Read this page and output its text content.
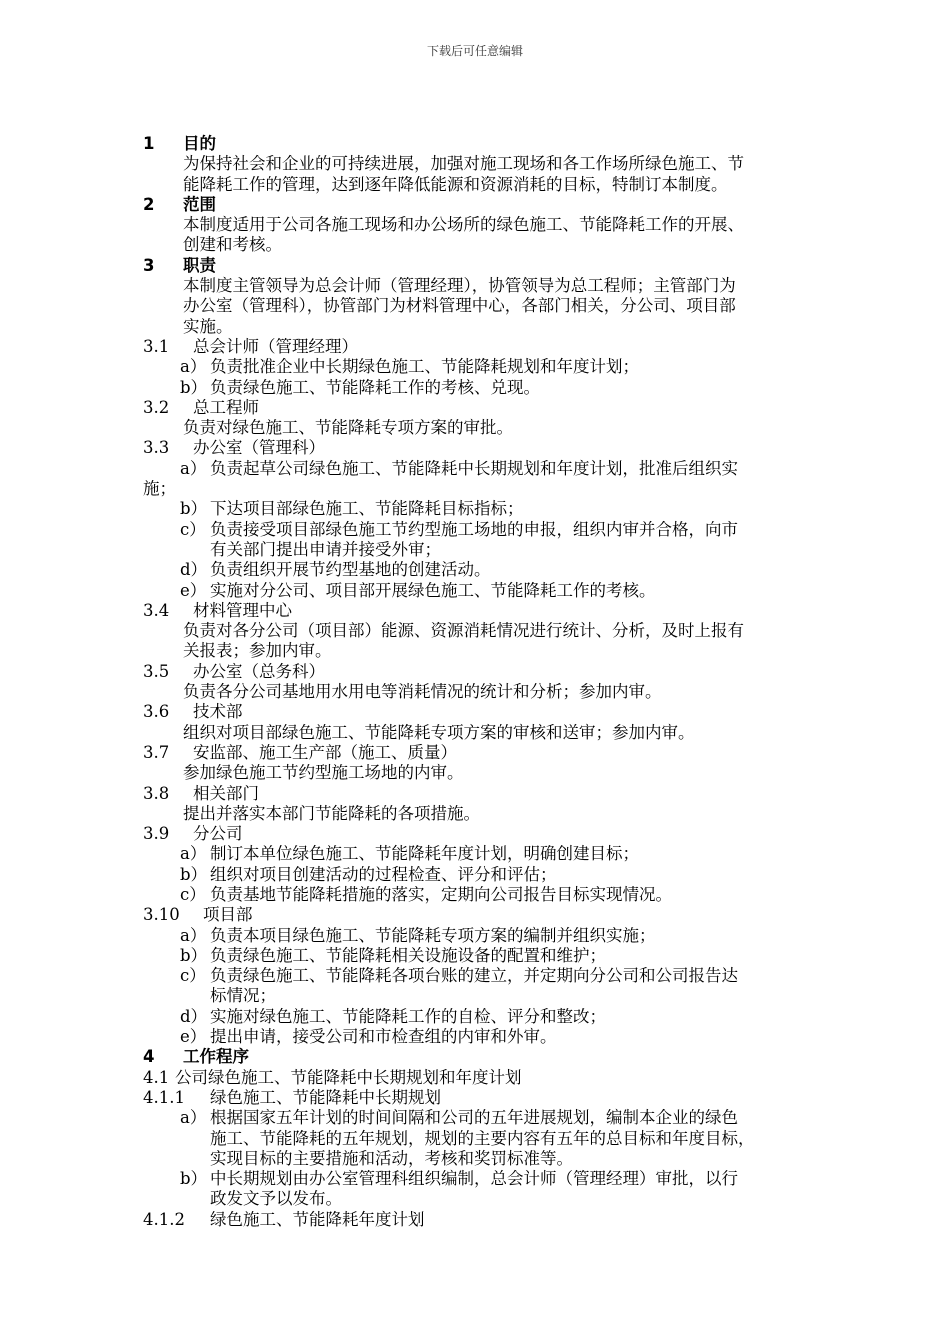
下载后可任意编辑
1 目的
为保持社会和企业的可持续进展，加强对施工现场和各工作场所绿色施工、节
能降耗工作的管理，达到逐年降低能源和资源消耗的目标，特制订本制度。
2 范围
本制度适用于公司各施工现场和办公场所的绿色施工、节能降耗工作的开展、
创建和考核。
3 职责
本制度主管领导为总会计师（管理经理），协管领导为总工程师；主管部门为
办公室（管理科），协管部门为材料管理中心，各部门相关，分公司、项目部
实施。
3.1 总会计师（管理经理）
a） 负责批准企业中长期绿色施工、节能降耗规划和年度计划；
b） 负责绿色施工、节能降耗工作的考核、兑现。
3.2 总工程师
负责对绿色施工、节能降耗专项方案的审批。
3.3 办公室（管理科）
a） 负责起草公司绿色施工、节能降耗中长期规划和年度计划，批准后组织实
施；
b） 下达项目部绿色施工、节能降耗目标指标；
c） 负责接受项目部绿色施工节约型施工场地的申报，组织内审并合格，向市
有关部门提出申请并接受外审；
d） 负责组织开展节约型基地的创建活动。
e） 实施对分公司、项目部开展绿色施工、节能降耗工作的考核。
3.4 材料管理中心
负责对各分公司（项目部）能源、资源消耗情况进行统计、分析，及时上报有
关报表；参加内审。
3.5 办公室（总务科）
负责各分公司基地用水用电等消耗情况的统计和分析；参加内审。
3.6 技术部
组织对项目部绿色施工、节能降耗专项方案的审核和送审；参加内审。
3.7 安监部、施工生产部（施工、质量）
参加绿色施工节约型施工场地的内审。
3.8 相关部门
提出并落实本部门节能降耗的各项措施。
3.9 分公司
a） 制订本单位绿色施工、节能降耗年度计划，明确创建目标；
b） 组织对项目创建活动的过程检查、评分和评估；
c） 负责基地节能降耗措施的落实，定期向公司报告目标实现情况。
3.10 项目部
a） 负责本项目绿色施工、节能降耗专项方案的编制并组织实施；
b） 负责绿色施工、节能降耗相关设施设备的配置和维护；
c） 负责绿色施工、节能降耗各项台账的建立，并定期向分公司和公司报告达
标情况；
d） 实施对绿色施工、节能降耗工作的自检、评分和整改；
e） 提出申请，接受公司和市检查组的内审和外审。
4 工作程序
4.1 公司绿色施工、节能降耗中长期规划和年度计划
4.1.1 绿色施工、节能降耗中长期规划
a） 根据国家五年计划的时间间隔和公司的五年进展规划，编制本企业的绿色
施工、节能降耗的五年规划，规划的主要内容有五年的总目标和年度目标，
实现目标的主要措施和活动，考核和奖罚标准等。
b） 中长期规划由办公室管理科组织编制，总会计师（管理经理）审批，以行
政发文予以发布。
4.1.2 绿色施工、节能降耗年度计划
